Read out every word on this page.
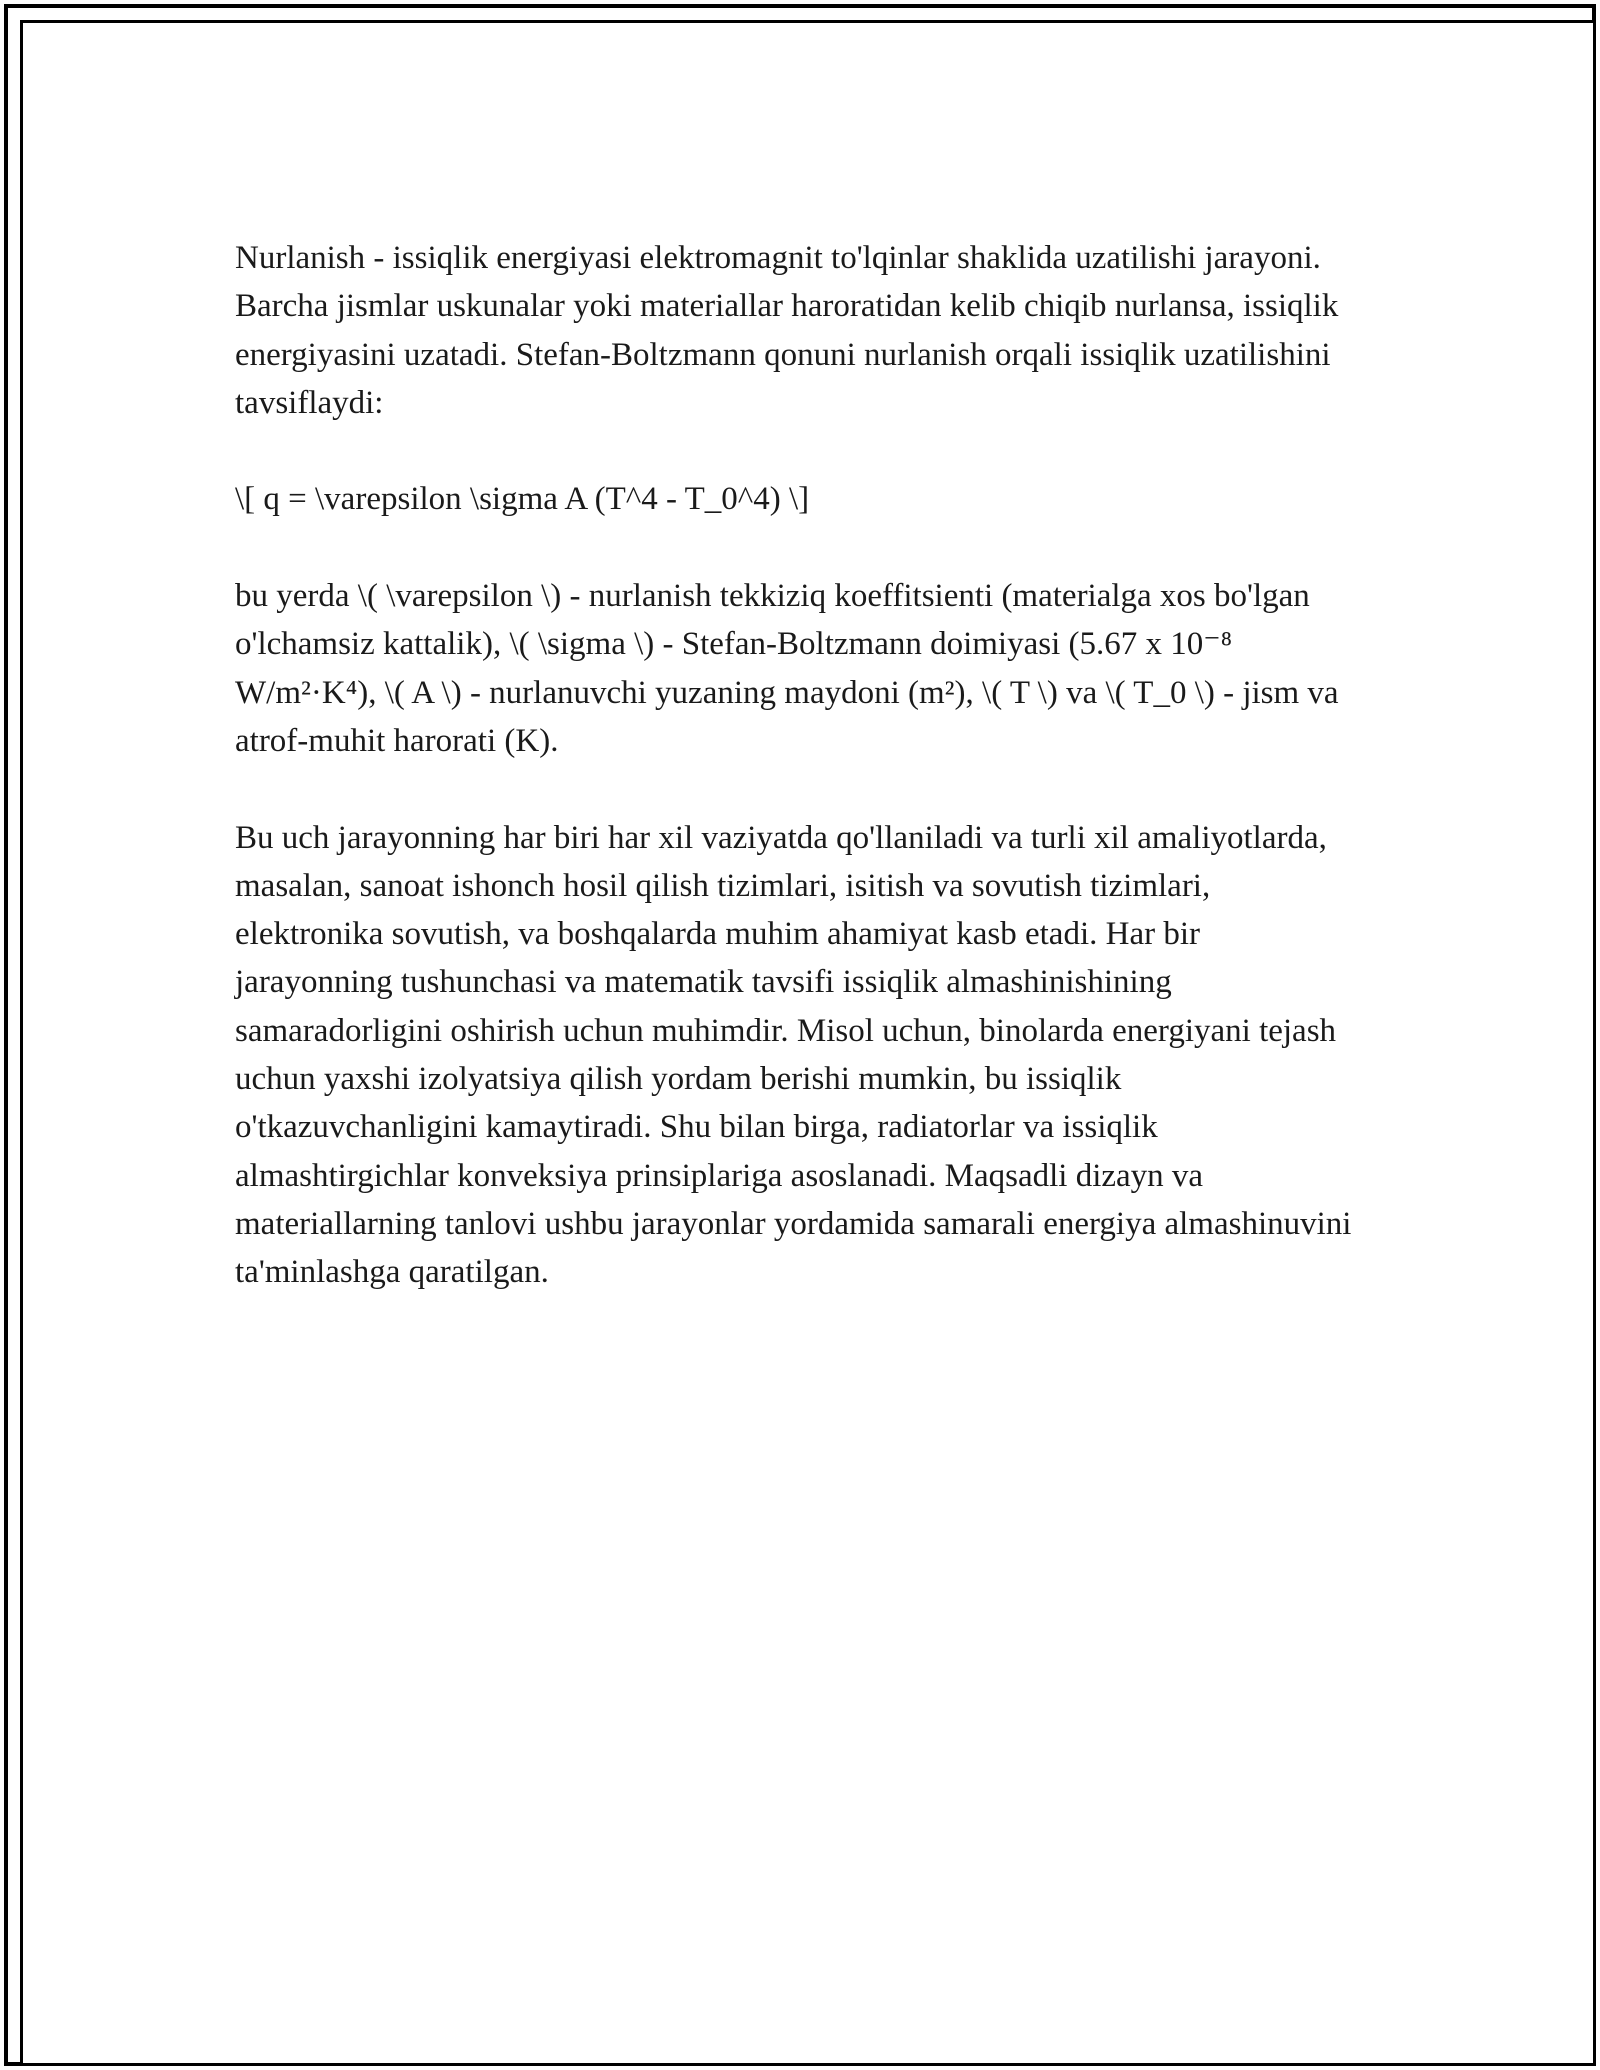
Nurlanish - issiqlik energiyasi elektromagnit to'lqinlar shaklida uzatilishi jarayoni. Barcha jismlar uskunalar yoki materiallar haroratidan kelib chiqib nurlansa, issiqlik energiyasini uzatadi. Stefan-Boltzmann qonuni nurlanish orqali issiqlik uzatilishini tavsiflaydi:

\[ q = \varepsilon \sigma A (T^4 - T_0^4) \]

bu yerda \( \varepsilon \) - nurlanish tekkiziq koeffitsienti (materialga xos bo'lgan o'lchamsiz kattalik), \( \sigma \) - Stefan-Boltzmann doimiyasi (5.67 x 10⁻⁸ W/m²·K⁴), \( A \) - nurlanuvchi yuzaning maydoni (m²), \( T \) va \( T_0 \) - jism va atrof-muhit harorati (K).

Bu uch jarayonning har biri har xil vaziyatda qo'llaniladi va turli xil amaliyotlarda, masalan, sanoat ishonch hosil qilish tizimlari, isitish va sovutish tizimlari, elektronika sovutish, va boshqalarda muhim ahamiyat kasb etadi. Har bir jarayonning tushunchasi va matematik tavsifi issiqlik almashinishining samaradorligini oshirish uchun muhimdir. Misol uchun, binolarda energiyani tejash uchun yaxshi izolyatsiya qilish yordam berishi mumkin, bu issiqlik o'tkazuvchanligini kamaytiradi. Shu bilan birga, radiatorlar va issiqlik almashtirgichlar konveksiya prinsiplariga asoslanadi. Maqsadli dizayn va materiallarning tanlovi ushbu jarayonlar yordamida samarali energiya almashinuvini ta'minlashga qaratilgan.
